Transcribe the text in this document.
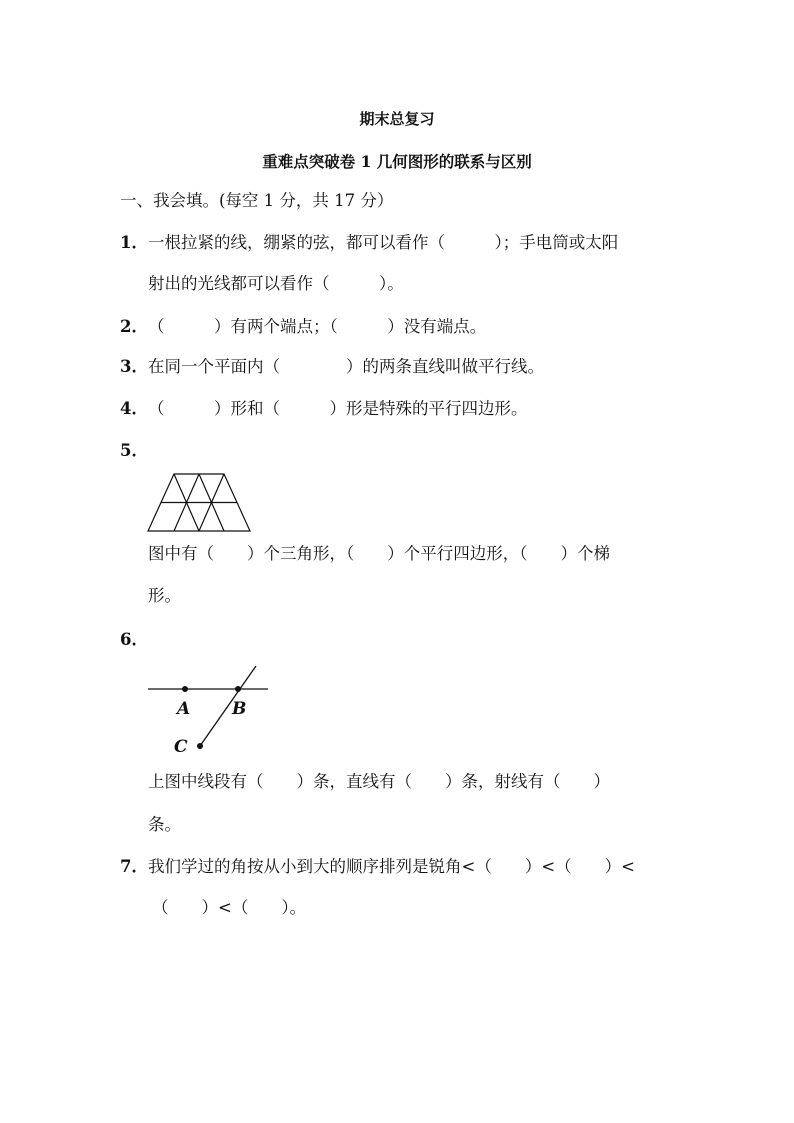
期末总复习
重难点突破卷 1 几何图形的联系与区别
一、我会填。(每空 1 分，共 17 分）
1． 一根拉紧的线，绷紧的弦，都可以看作（　　　）；手电筒或太阳
射出的光线都可以看作（　　　）。
2． （　　　）有两个端点；（　　　）没有端点。
3． 在同一个平面内（　　　　）的两条直线叫做平行线。
4． （　　　）形和（　　　）形是特殊的平行四边形。
5．
图中有（　　）个三角形，（　　）个平行四边形，（　　）个梯
形。
6．
A B
C
上图中线段有（　　）条，直线有（　　）条，射线有（　　）
条。
7． 我们学过的角按从小到大的顺序排列是锐角<（　　）<（　　）<
（　　）<（　　）。
